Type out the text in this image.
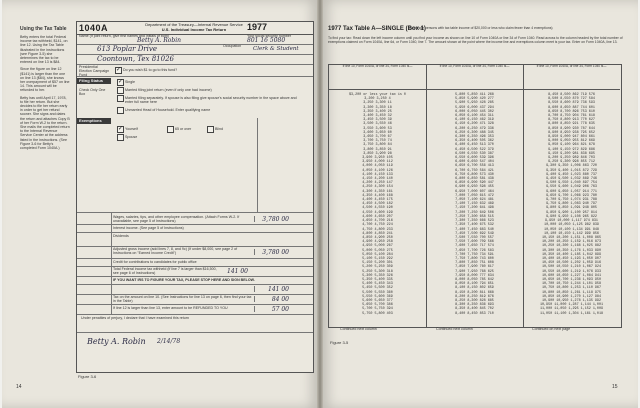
Using the Tax Table

Betty enters the total Federal income tax withheld, $141, on line 12. Using the Tax Table illustrated in the instructions (see Figure 3-5) she determines the tax to be entered on line 13 is $84.

Since the figure on line 12 ($141) is larger than the one on line 13 ($84), she knows her overpayment of $57 on line 14. This amount will be refunded to her.

Betty has until April 17, 1978, to file her return. But she decides to file her return early in order to get her refund sooner. She signs and dates the return and attaches Copy B of her Form W-2 to the return. She mails the completed return to the Internal Revenue Service Center at the address listed in the instructions. (See Figure 3-6 for Betty's completed Form 1040A.)

1040A	Department of the Treasury—Internal Revenue Service
U.S. Individual Income Tax Return	1977
Name (If joint return, give first names and initials of both)
Betty A. Robin
Your social security number
801 16 5080
613 Poplar Drive	Occupation Clerk & Student
Coontown, Tex 81026
Presidential Election Campaign Fund
✓
Do you wish $1 to go to this fund?
Filing Status
Check Only One Box
✓
Single
Married filing joint return (even if only one had income)
Married filing separately. If spouse is also filing give spouse's social security number in the space above and enter full name here
Unmarried Head of Household. Enter qualifying name
Exemptions
✓
Yourself	65 or over	Blind
Spouse
Wages, salaries, tips, and other employee compensation. (Attach Forms W-2. If unavailable, see page 5 of Instructions)	3,780 00
Interest income. (See page 5 of Instructions)
Dividends
Adjusted gross income (add lines 7, 8, and 9c) (If under $8,000, see page 2 of Instructions on "Earned Income Credit")	3,780 00
Credit for contributions to candidates for public office
Total Federal income tax withheld (if line 7 is larger than $16,500, see page 6 of Instructions)	141 00
IF YOU WANT IRS TO FIGURE YOUR TAX, PLEASE STOP HERE AND SIGN BELOW.
141 00
Tax on the amount on line 10. (See Instructions for line 13 on page 6, then find your tax in the Table)	84 00
If line 12 is larger than line 13, enter amount to be REFUNDED TO YOU	57 00
Under penalties of perjury, I declare that I have examined this return
Betty A. Robin 2/14/78
Figure 3-6
14
1977 Tax Table A—SINGLE (Box 1)
(For single persons with tax table income of $20,000 or less who claim fewer than 4 exemptions)
To find your tax: Read down the left income column until you find your income as shown on line 10 of Form 1040A or line 34 of Form 1040. Read across to the column headed by the total number of exemptions claimed on Form 1040A, line 6d, or Form 1040, line 7. The amount shown at the point where the income line and exemptions column meet is your tax. Enter on Form 1040A, line 13.
If line 10, Form 1040A, or line 34, Form 1040 is—
$3,200 or less your tax is 0
3,200 3,250 4
3,250 3,300 11
3,300 3,350 18
3,350 3,400 25
3,400 3,450 32
3,450 3,500 39
3,500 3,550 46
3,550 3,600 53
3,600 3,650 60
3,650 3,700 67
3,700 3,750 74
3,750 3,800 84
3,800 3,850 91
3,850 3,900 98
3,900 3,950 105
3,950 4,000 112
4,000 4,050 119
4,050 4,100 126
4,100 4,150 133
4,150 4,200 140
4,200 4,250 147
4,250 4,300 154
4,300 4,350 161
4,350 4,400 168
4,400 4,450 175
4,450 4,500 182
4,500 4,550 190
4,550 4,600 199
4,600 4,650 207
4,650 4,700 216
4,700 4,750 224
4,750 4,800 233
4,800 4,850 241
4,850 4,900 250
4,900 4,950 258
4,950 5,000 267
5,000 5,050 275
5,050 5,100 284
5,100 5,150 292
5,150 5,200 301
5,200 5,250 309
5,250 5,300 318
5,300 5,350 326
5,350 5,400 335
5,400 5,450 343
5,450 5,500 352
5,500 5,550 360
5,550 5,600 369
5,600 5,650 377
5,650 5,700 386
5,700 5,750 394
5,750 5,800 403
If line 10, Form 1040A, or line 34, Form 1040 is—
5,800 5,850 411 268
5,850 5,900 420 277
5,900 5,950 428 285
5,950 6,000 437 294
6,000 6,050 445 302
6,050 6,100 454 311
6,100 6,150 462 319
6,150 6,200 471 328
6,200 6,250 479 336
6,250 6,300 488 345
6,300 6,350 496 353
6,350 6,400 505 362
6,400 6,450 513 370
6,450 6,500 522 379
6,500 6,550 530 387
6,550 6,600 539 396
6,600 6,650 547 404
6,650 6,700 556 413
6,700 6,750 564 421
6,750 6,800 573 430
6,800 6,850 581 438
6,850 6,900 590 447
6,900 6,950 598 455
6,950 7,000 607 464
7,000 7,050 615 472
7,050 7,100 624 481
7,100 7,150 632 489
7,150 7,200 641 498
7,200 7,250 649 506
7,250 7,300 658 515
7,300 7,350 666 523
7,350 7,400 675 532
7,400 7,450 683 540
7,450 7,500 692 549
7,500 7,550 700 557
7,550 7,600 709 566
7,600 7,650 717 574
7,650 7,700 726 583
7,700 7,750 734 591
7,750 7,800 743 600
7,800 7,850 751 608
7,850 7,900 760 617
7,900 7,950 768 625
7,950 8,000 777 634
8,000 8,050 785 642
8,050 8,100 794 651
8,100 8,150 802 659
8,150 8,200 811 668
8,200 8,250 819 676
8,250 8,300 828 685
8,300 8,350 836 693
8,350 8,400 845 702
8,400 8,450 853 710
If line 10, Form 1040A, or line 34, Form 1040 is—
8,450 8,500 862 719 576
8,500 8,550 870 727 584
8,550 8,600 879 736 593
8,600 8,650 887 744 601
8,650 8,700 896 753 610
8,700 8,750 904 761 618
8,750 8,800 913 770 627
8,800 8,850 921 778 635
8,850 8,900 930 787 644
8,900 8,950 938 795 652
8,950 9,000 947 804 661
9,000 9,050 955 812 669
9,050 9,100 964 821 678
9,100 9,150 972 829 686
9,150 9,200 981 838 695
9,200 9,250 989 846 703
9,250 9,300 998 855 712
9,300 9,350 1,006 863 720
9,350 9,400 1,015 872 729
9,400 9,450 1,023 880 737
9,450 9,500 1,032 889 746
9,500 9,550 1,040 897 754
9,550 9,600 1,049 906 763
9,600 9,650 1,057 914 771
9,650 9,700 1,066 923 780
9,700 9,750 1,074 931 788
9,750 9,800 1,083 940 797
9,800 9,850 1,091 948 805
9,850 9,900 1,100 957 814
9,900 9,950 1,108 965 822
9,950 10,000 1,117 974 831
10,000 10,050 1,125 982 839
10,050 10,100 1,134 991 848
10,100 10,150 1,142 999 856
10,150 10,200 1,151 1,008 865
10,200 10,250 1,159 1,016 873
10,250 10,300 1,168 1,025 882
10,300 10,350 1,176 1,033 890
10,350 10,400 1,185 1,042 899
10,400 10,450 1,193 1,050 907
10,450 10,500 1,202 1,059 916
10,500 10,550 1,210 1,067 924
10,550 10,600 1,219 1,076 933
10,600 10,650 1,227 1,084 941
10,650 10,700 1,236 1,093 950
10,700 10,750 1,244 1,101 958
10,750 10,800 1,253 1,110 967
10,800 10,850 1,261 1,118 975
10,850 10,900 1,270 1,127 984
10,900 10,950 1,278 1,135 992
10,950 11,000 1,287 1,144 1,001
11,000 11,050 1,295 1,152 1,009
11,050 11,100 1,304 1,161 1,018
Continued next column	Continued next column	Continued on next page
Figure 3-5
15
